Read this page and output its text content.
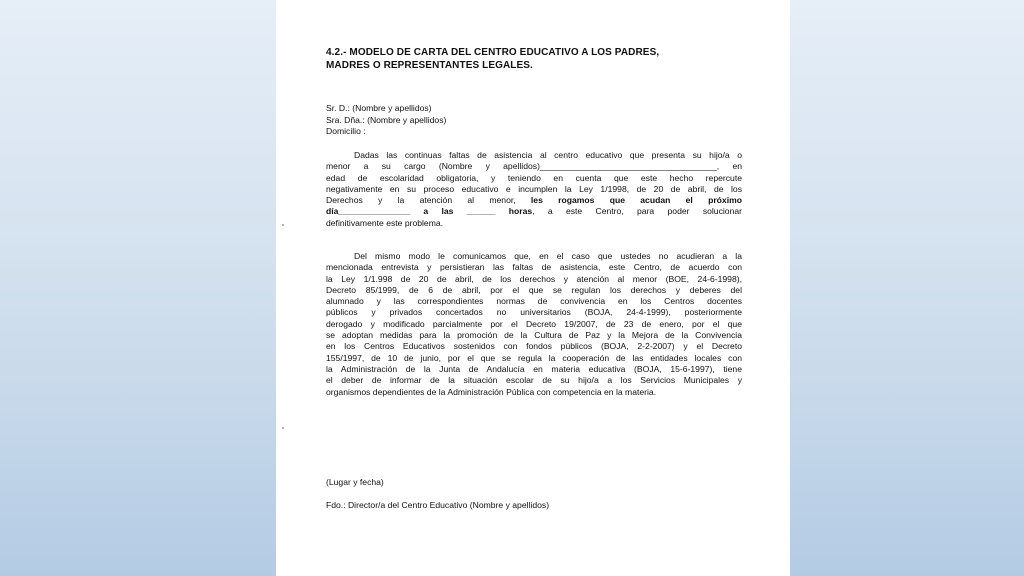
4.2.- MODELO DE CARTA DEL CENTRO EDUCATIVO A LOS PADRES,
MADRES O REPRESENTANTES LEGALES.
Sr. D.: (Nombre y apellidos)
Sra. Dña.: (Nombre y apellidos)
Domicilio :
Dadas las continuas faltas de asistencia al centro educativo que presenta su hijo/a o
menor a su cargo (Nombre y apellidos)_____________________________________, en
edad de escolaridad obligatoria, y teniendo en cuenta que este hecho repercute
negativamente en su proceso educativo e incumplen la Ley 1/1998, de 20 de abril, de los
Derechos y la atención al menor, les rogamos que acudan el próximo
día_______________ a las ______ horas, a este Centro, para poder solucionar
definitivamente este problema.
Del mismo modo le comunicamos que, en el caso que ustedes no acudieran a la
mencionada entrevista y persistieran las faltas de asistencia, este Centro, de acuerdo con
la Ley 1/1.998 de 20 de abril, de los derechos y atención al menor (BOE, 24-6-1998),
Decreto 85/1999, de 6 de abril, por el que se regulan los derechos y deberes del
alumnado y las correspondientes normas de convivencia en los Centros docentes
públicos y privados concertados no universitarios (BOJA, 24-4-1999), posteriormente
derogado y modificado parcialmente por el Decreto 19/2007, de 23 de enero, por el que
se adoptan medidas para la promoción de la Cultura de Paz y la Mejora de la Convivencia
en los Centros Educativos sostenidos con fondos públicos (BOJA, 2-2-2007) y el Decreto
155/1997, de 10 de junio, por el que se regula la cooperación de las entidades locales con
la Administración de la Junta de Andalucía en materia educativa (BOJA, 15-6-1997), tiene
el deber de informar de la situación escolar de su hijo/a a los Servicios Municipales y
organismos dependientes de la Administración Pública con competencia en la materia.
(Lugar y fecha)
Fdo.: Director/a del Centro Educativo (Nombre y apellidos)
